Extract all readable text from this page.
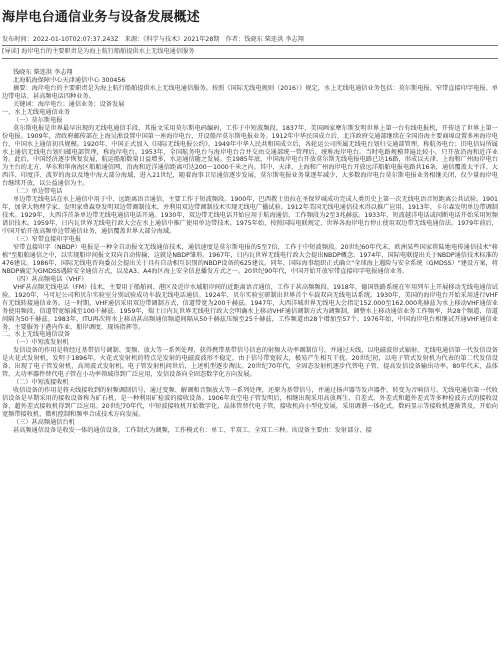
海岸电台通信业务与设备发展概述
发布时间：2022-01-10T02:07:37.243Z　来源：《科学与技术》2021年28期　作者：钱晓东 柴连洪 李志翔
[导读] 海岸电台的主要职责是为海上航行船舶提供水上无线电通信服务

钱晓东 柴连洪 李志翔

北海航海保障中心天津通信中心 300456

摘要：海岸电台的主要职责是为海上航行船舶提供水上无线电通信服务。按照《国际无线电规则（2016）》规定，水上无线电通信业务包括：莫尔斯电报、窄带直接印字电报、单边带电话、甚高频电话四种业务。

关键词：海岸电台；通信业务；设备发展

一、水上无线电通信业务

（一）莫尔斯电报

莫尔斯电报是世界最早出现的无线电通信手段，其报文采用莫尔斯电码编码，工作于中短波频段。1837年，美国画家摩尔斯发明世界上第一台有线电报机，开传送了世界上第一份电报。1909年，清政府邮传部在上海吴淞设置中国第一座海岸电台，开设船岸莫尔斯电报业务。1912年中华民国成立后，北洋政府交通部继续在全国沿海主要商埠设置多座海岸电台，中国水上通信初具规模。1920年，中国正式加入《国际无线电报公约》。1949年中华人民共和国成立后，各轮运公司所属无线电台划归交通部管理，称航务电台；旧电信局所属水上通信无线电台划归邮电部管理，称海岸电台。1953年，全国航务电台与海岸电台合并交由交通部统一管理后，统称海岸电台。当时电路规模普遍比较小，只开放沿海和近洋业务。此后，中国经济逐步恢复发展，航运船舶数量日益增多，水运通信随之发展。至1985年底，中国海岸电台开放莫尔斯无线电报电路已达16路，形成以天津、上海和广州海岸电台为主台的北方、华东和华南海区船舶通信网，沿海和近洋通信距离可达200～1000千米之内。其中，天津、上海和广州海岸电台开放远洋船舶电报电路共16条，通信覆盖太平洋、大西洋、印度洋、波罗的海以及地中海大部分海域，进入21世纪，随着海事卫星通信逐步发展，莫尔斯电报业务量逐年减少，大多数海岸电台莫尔斯电报业务相继关闭，仅少量海岸电台继续开放，以公益通信为主。

（二）单边带电话

单边带无线电话在水上通信中用于中、远距离语音通信，主要工作于短波频段。1900年，巴西教士贵拉在圣保罗城成功完成人类历史上第一次无线电语音短距离公共试验。1901年，加拿大物理学家、发明家费森登发明双边带调制技术，并利用双边带调制技术实现无线电广播试验。1912年美国无线电通信技术得以推广应用。1913年，卡尔森发明单边带调制技术。1929年，大西洋首条单边带无线电通信电话开通。1930年，双边带无线电话开始应用于航海通信，工作频段为2至3兆赫兹。1933年，短波越洋电话或间断电话开始采用短频谱识技术。1959年，日内瓦世界无线电行政大会在水上通信中推广使用单边带技术。1975年始，按照国际电联规定，世界各海岸电台停止使用双边带无线电通信法。1979年前后，中国开始开放高频单边带通信业务，通信覆盖世界大部分海域。

（三）窄带直接印字电报

窄带直接印字（NBDP）电报是一种全自动报文无线通信技术，通信速度是莫尔斯电报的5至7倍，工作于中短波频段。20世纪60年代末，欧洲某些国家将陆地电传通信技术"移植"至船舶通信之中，以实现船岸间报文双向自动传输，这就是NBDP雏形。1967年，日内瓦世界无线电行政大会提出NBDP概念。1974年，国际电联提出关于NBDP通信技术标准的476建议。1986年，国际无线电咨询委员会提出关于具有自动相互识别的NBDP设备的625建议。同年，国际海事组织正式确立"全球海上遇险与安全系统（GMDSS）"建设方案，将NBDP确定为GMDSS遇险安全通信方式，以及A3、A4海区海上安全信息播发方式之一。20世纪90年代，中国开始开放窄带直接印字电报通信业务。

（四）甚高频电话（VHF）

VHF甚高频无线电话（FM）技术，主要用于船舶间、港区及近岸水域船岸间的近距离语音通信，工作于甚高频频段。1918年，德国铁路系统在军用列车上开展移动无线电通信试验。1920年，马可尼公司和贝尔实验室分别试验成功车载无线电话通信。1924年，贝尔实验室研制出世界首个车载双向无线电话系统。1930年，美国的海岸电台开始采用进行VHF有无线转接通信业务。这一时期，VHF通信采用双边带调制方式，信道带宽为200千赫兹。1947年，大西洋城世界无线电大会指定152.000至162.000兆赫兹为水上移动VHF通信业务使用频段，信道带宽缩减至100千赫兹。1959年，瑞士日内瓦世界无线电行政大会明确水上移动VHF通信调制方式为调频制，调整水上移动通信业务工作频率，共28个频道，信道间隔为50千赫兹。1983年，ITU再次将水上移动甚高频通信频道间隔从50千赫兹压缩至25千赫兹，工作频道由28个增加至57个。1976年始，中国海岸电台相继试开通VHF通信业务，主要服务于港内作业、船岸调度、现场指挥等。

二、水上无线电通信设备

（一）中短波发射机

发信设备的作用是将经过基带信号调制、变频、放大等一系列处理，获得携带基带信号信息的射频大功率调制信号，并通过天线，以电磁波形式辐射。无线电通信第一代发信设备是火花式发射机，发明于1896年。火花式发射机的特点是发射的电磁波波形不稳定，由于信号带宽较大，极易产生相互干扰。20世纪初，以电子管式发射机为代表的第二代发信设备，出现了电子管发射机，高周波式发射机。电子管发射机问世后，上述机型逐步淘汰。20世纪70年代，全固态发射机逐步代替电子管，提高发信设备输出功率。80年代末，晶体管、大功率器件替代电子管在小功率领域得到广泛应用，发信设备向全固态数字化方向发展。

（二）中短波接收机

收信设备的作用是将天线接收到的射频调制信号，通过变频、解调和音频放大等一系列处理，还原为基带信号，并通过扬声器等发声器件，转变为音响信号。无线电通信第一代收信设备是早期采用的接收设备称为矿石机，是一种利用矿检波的接收设备。1906年真空电子管发明后，相继出现采用高放再生、自差式、外差式和超外差式等多种检波方式的接收设备，超外差式接收机得到广泛应用。20世纪70年代，中短波接收机开始数字化，晶体管替代电子管，接收机向小型化发展，采用调谐一体化式，数码显示等接收机逐渐普及，开始向宽频带接收机、微机控制和频率合成技术方向发展。

（三）甚高频通信台机

甚高频通信设备是收发一体的通信设备，工作制式为调频，工作模式有：单工、半双工、全双工三种。该设备主要由：发射部分、接
